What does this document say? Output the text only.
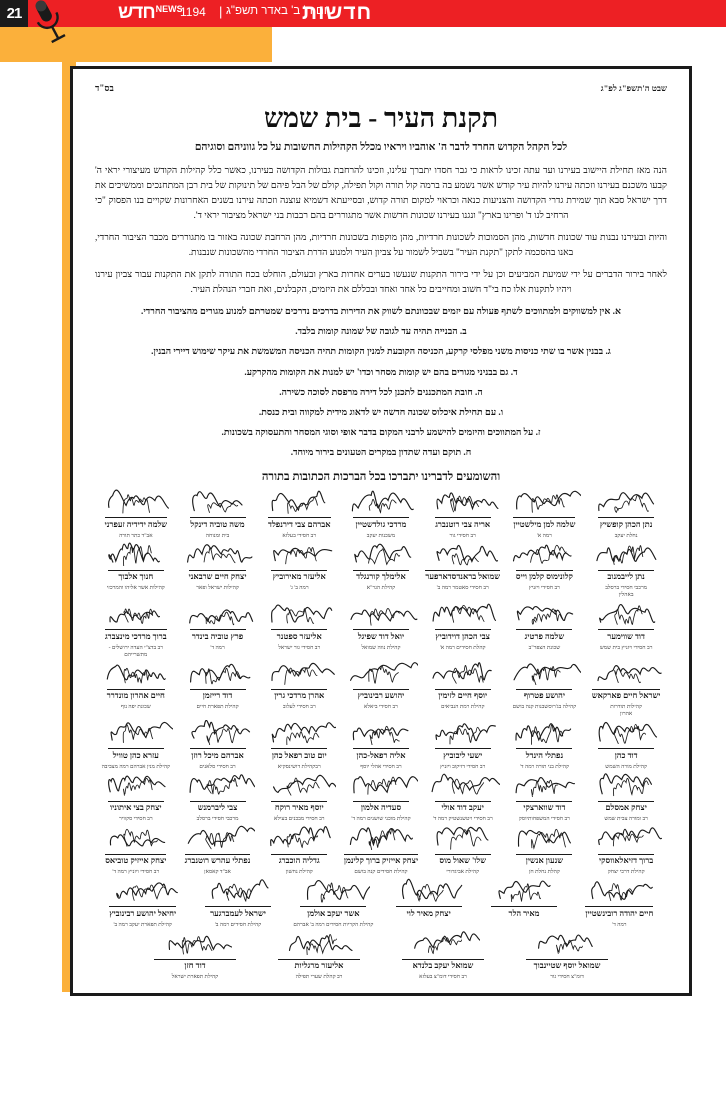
21	NEWS
חדש 1194 | יום ה' ב' באדר תשפ"ג
חדשות
שבט ה'תשפ"ג לפ"ג
בס"ד
תקנת העיר - בית שמש
לכל הקהל הקדוש החרד לדבר ה' אוהביו ויראיו מכלל הקהילות החשובות על כל גווניהם וסוגיהם
הנה מאז תחילת היישוב בעירנו ועד עתה זכינו לראות כי גבר חסדו יתברך עלינו, וזכינו להרחבת גבולות הקדושה בעירנו, כאשר כלל קהילות הקודש מעיצורי יראי ה' קבעו משכנם בעירנו וזכתה עירנו להיות עיר קודש אשר נשמע בה ברמה קול תורה וקול תפילה, קולם של הבל פיהם של תינוקות של בית רבן המתחנכים וממשיכים את דרך ישראל סבא תוך שמירת גדרי הקדושה והצניעות כנאה וכראוי למקום תורה קדוש, ובסייעתא דשמיא עוצנה וזכתה עירנו בשנים האחרונות שקויים בנו הפסוק "כי הרחיב לנו ד' ופרינו בארץ" ונגנו בעירנו שכונות חדשות אשר מתגוררים בהם רבבות בני ישראל מציבור יראי ד'.
והיות ובעירנו נבנות עוד שכונות חדשות, מהן הסמוכות לשכונות חרדיות, מהן מוקפות בשכונות חרדיות, מהן הרחבת שכונה באזור בו מתגוררים מכבר הציבור החרדי, באנו בהסכמה לתקן "תקנת העיר" בשביל לשמור על צביון העיר ולמנוע הדרת הציבור החרדי מהשכונות שנבנות.
לאחר בירור הדברים על ידי שמיעת המביעים וכן על ידי בירור התקנות שנעשו בערים אחרות בארץ ובעולם, הוחלט בכח התורה לתקן את התקנות עבור צביון עירנו ויהיו לתקנות אלו כח בי"ד חשוב ומחייבים כל אחד ואחד ובכללם את היזמים, הקבלנים, ואת חברי הנהלת העיר.
א. אין למשווקים ולמתווכים לשתף פעולה עם יזמים שבכוונתם לשווק את הדירות בדרכים נדרכים שמטרתם למנוע מגורים מהציבור החרדי.
ב. הבנייה תהיה עד לגובה של שמונה קומות בלבד.
ג. בבנין אשר בו שתי כניסות משני מפלסי קרקע, הכניסה הקובעת למנין הקומות תהיה הכניסה המשמשת את עיקר שימוש דיירי הבנין.
ד. גם בבניני מגורים בהם יש קומות מסחר וכדו' יש למנות את הקומות מהקרקע.
ה. חובת המתכננים לתכנן לכל דירה מרפסת לסוכה כשירה.
ו. עם תחילת איכלוס שכונה חדשה יש לדאוג מידית למקווה ובית כנסת.
ז. על המתווכים והיזמים להישמע לרבני המקום בדבר אופי וסוגי המסחר והתעסוקה בשכונות.
ח. תוקם ועדה שתדון במקרים הטעונים בירור מיוחד.
והשומעים לדברינו יתברכו בכל הברכות הכתובות בתורה
נתן הכהן קופשיץ
נחלת יעקב
שלמה למן מילשטיין
רמה א'
אריה צבי רוטנברג
רב חסידי גור
מרדכי גולדשטיין
משכנות יעקב
אברהם צבי דירנפלד
רב חסידי בעלזא
משה טוביה דינקל
בית ומנוחה
שלמה ידידיה זעפרני
אב"ד כתר תורה
נתן לייבמנוב
מרכבי חסידי ברסלב
באהלין
קלונימוס קלמן וייס
רב חסידי ויזניץ
שמואל בראנדסדארפער
רב חסידי סאטמר רמה ב'
אלימלך קורנגלד
קהילת הגר"א
אליעזר מאירוביץ
רמה ב' ג'
יצחק חיים שרבאני
קהילות ישראל ופאר
חנוך אלבוך
קהילות אשר אליהו והמרכזי
דוד שווימער
רב חסידי ויזניץ בית שמש
שלמה פרטיג
שכונת הצפר"ב
צבי הכהן דוידוביץ
קהלת חסידים רמה א'
יואל דוד שפיגל
קהילת נווה שמואל
אליעזר ספטנר
רב חסידי גור ישראל
פרץ טוביה בינדר
רמה ד'
ברוך מרדכי מינצברג
רב בדצ"י העדה ירושלים -
מתשרייהם
ישראל חיים פארקאש
קהילות תודרות
אהרון
יהושע פטרוף
קהילה בג'רוסשבנות קנה בושם
יוסף חיים לזימין
קהילת רמת הנביאים
יהושע רבינוביץ
רב חסידי ביאלא
אהרן מרדכי גרין
רב חסידי לעלוב
דוד רייזמן
קהילת תפארת חיים
חיים אהרון מונדרר
שכונת יפה נוף
דוד כהן
קהילת מורה השמש
נפתלי הינדל
קהילת בני תורה רמה ד'
ישעי ליבוביץ
רב חסידי דזיקוב ויזניץ
אליה רפאל-כהן
רב חסידי אהלי יוסף
יום טוב רפאל כהן
רבקהילת דושינסקיא
אברהם מיכל רוזן
רב חסידי סלאנים
עזרא כהן טוויל
קהילת מנין אברהם רמה מצביבה
יצחק אמסלם
רב ומורה צבית שמש
דוד שווארצקי
רב חסידי המשפחותיוסק
יעקב דוד אולי
רב חסידי ויטשנשטיק רמה ד'
סעדיה אלמון
קהילת מוכני שושנים רמה ד'
יוסף מאיר רוקח
רב חסידי מבכנים בעילא
צבי ליברמנש
מרכבי חסידי ברסלב
יצחק בצי איתוניו
רב חסידי סקוויר
ברוך דזיאלאווסקי
קהילת דרכי יצחק
שנעון אנשין
קהלת נחלת חן
שלו' שאול מוס
קהילת אביגדורי
יצחק אייזיק ברוך קלינמן
קהילת חסידים קנה בושם
גדליה הוכברג
קהילת נחשון
נפתלי עהרש רוטנברג
אב"ד קאסאן
יצחק אייזיק טוביאס
רב חסידי ויזניץ רמה ד'
חיים יהודה רובינשטיין
רמה ד'
מאיר הלר
יצחק מאיר לוי
אשר יעקב אולמן
קהילת הקריות חסידים רמה ב' אברהם
ישראל לעמברגער
קהילת חסידים רמה ב'
יחיאל יהושע רבינוביץ
קהילת תפארת יעקב רמה ב'
שמואל יוסף שטיינבוך
דומ"צ חסידי גור
שמואל יעקב בלנדא
רב חסידי דומ"צ בעלזא
אליעזר מרגליות
רב קהלת שערי תפילה
דוד חזן
קהילת תפארת ישראל
